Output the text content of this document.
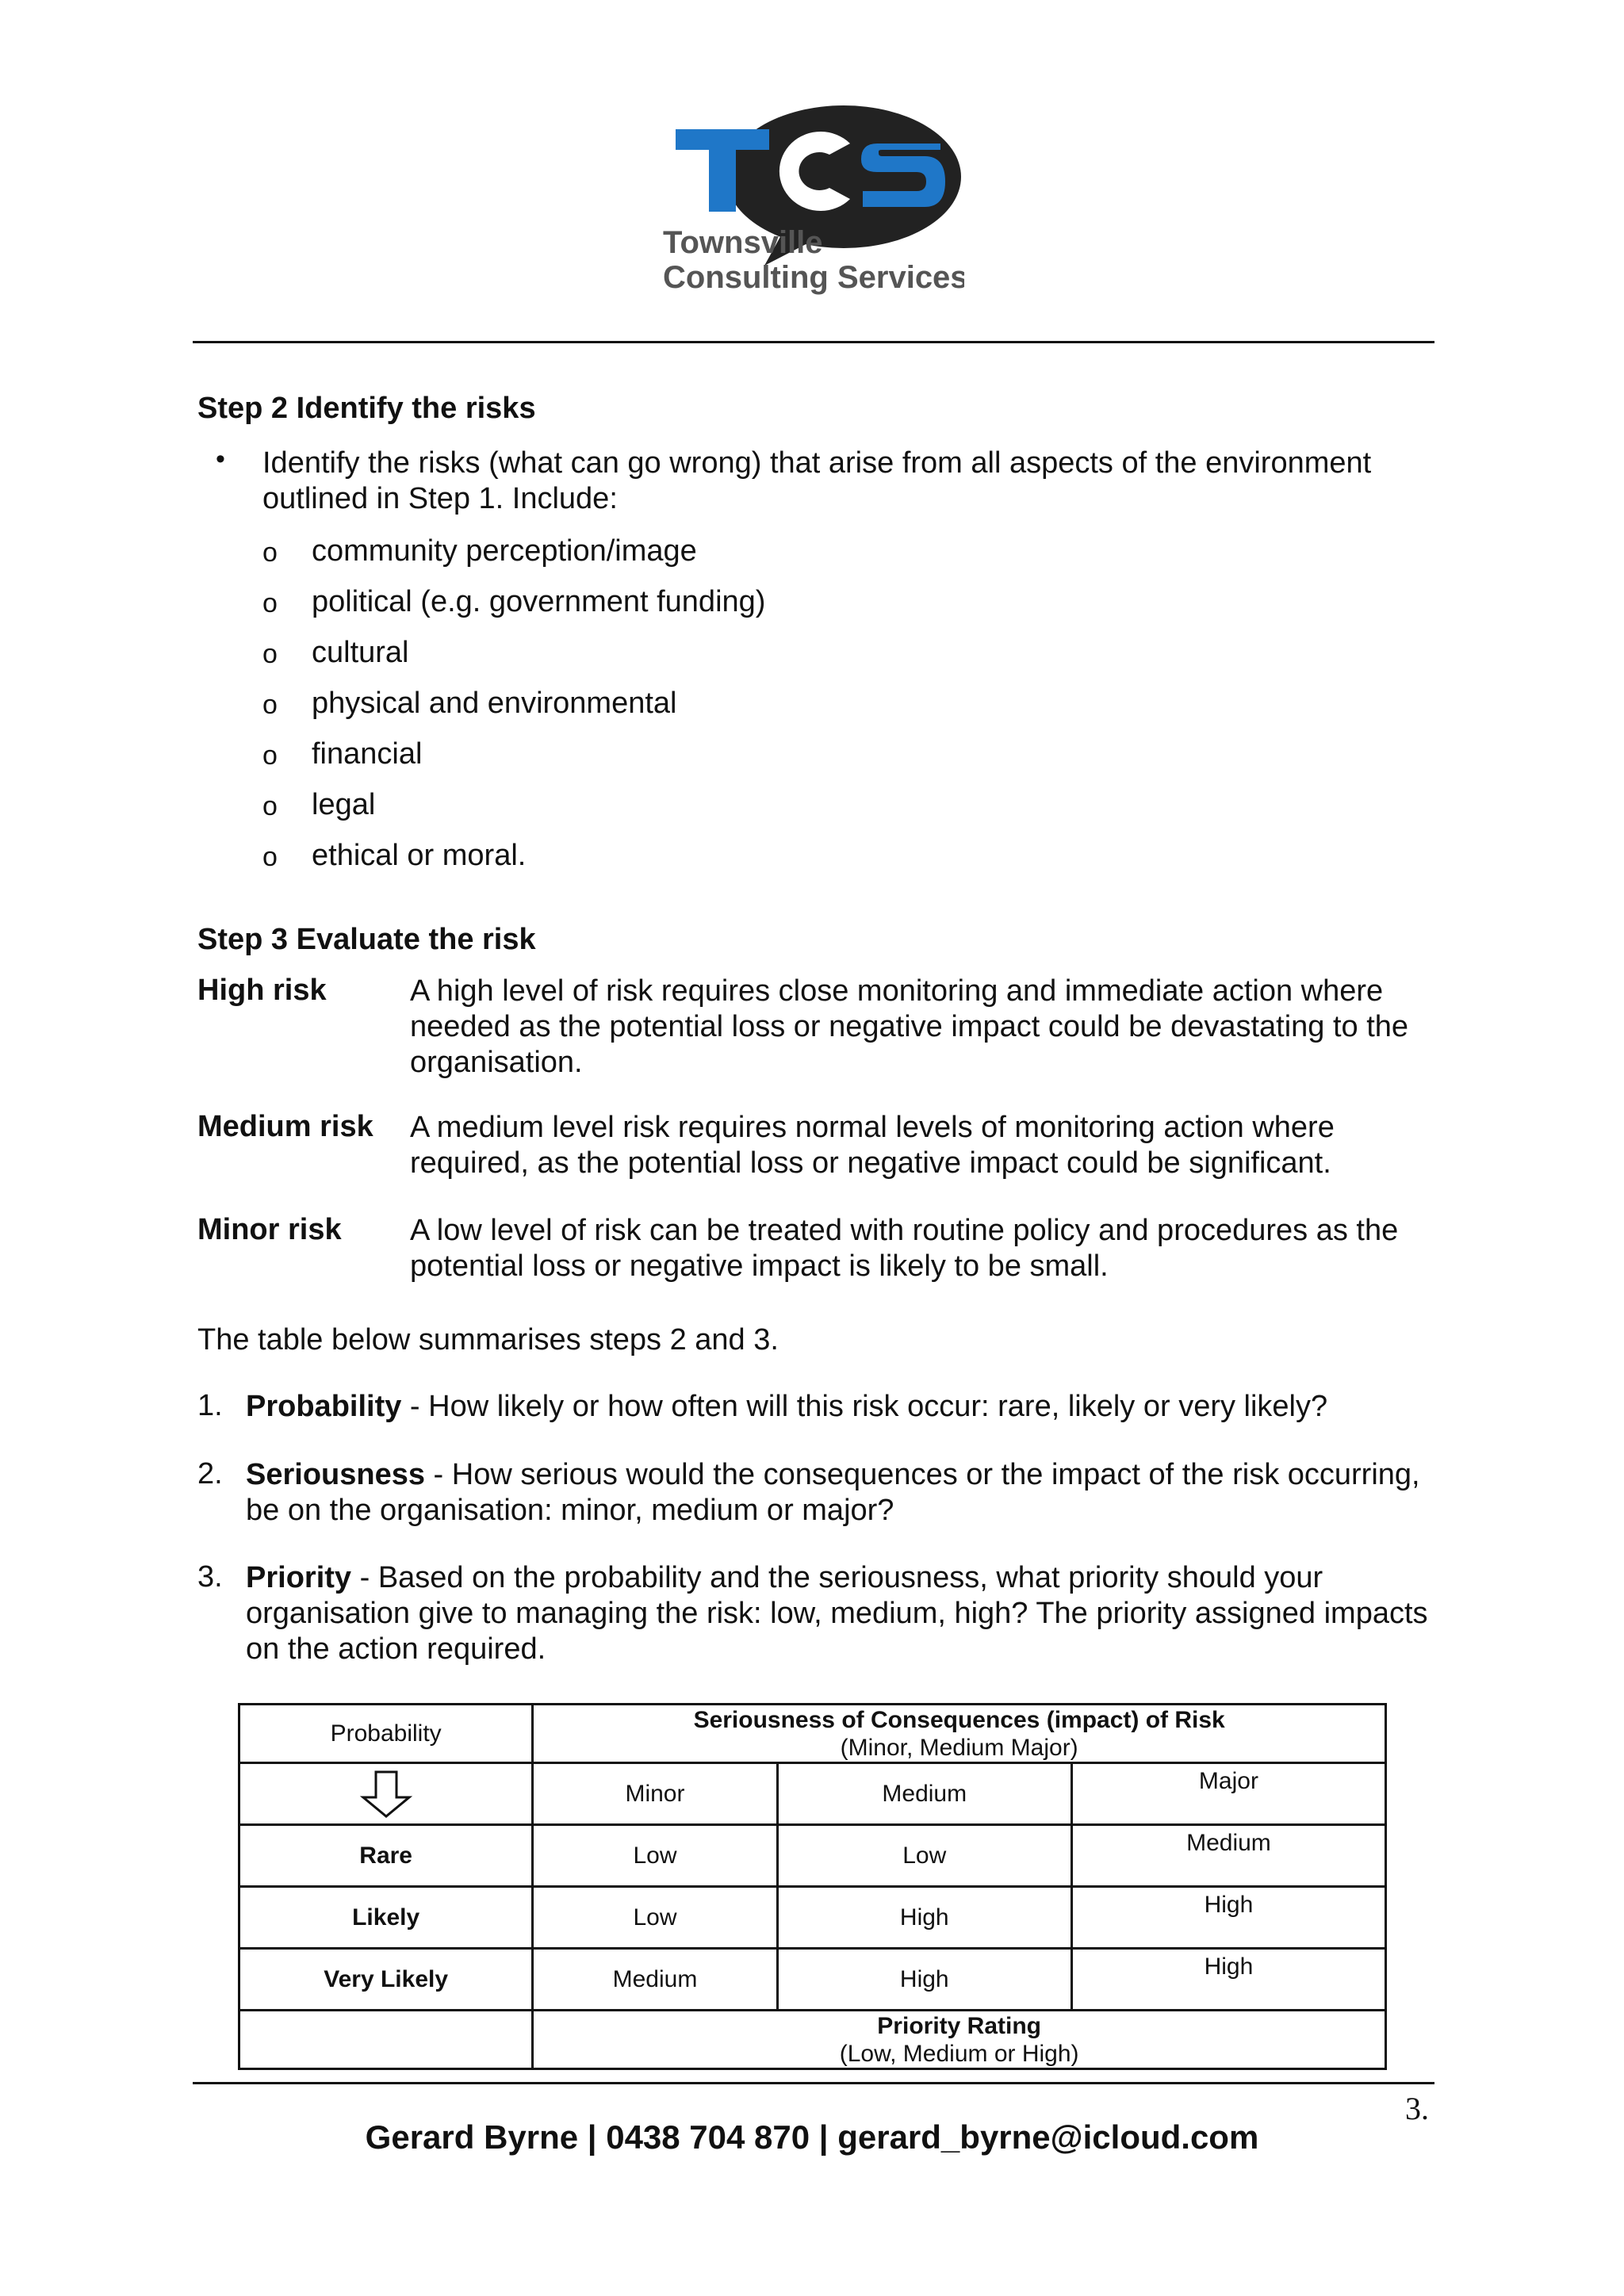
Townsville
Consulting Services
Step 2 Identify the risks
• Identify the risks (what can go wrong) that arise from all aspects of the environment
outlined in Step 1. Include:
o community perception/image
o political (e.g. government funding)
o cultural
o physical and environmental
o financial
o legal
o ethical or moral.
Step 3 Evaluate the risk
High risk	A high level of risk requires close monitoring and immediate action where
needed as the potential loss or negative impact could be devastating to the
organisation.
Medium risk A medium level risk requires normal levels of monitoring action where
required, as the potential loss or negative impact could be significant.
Minor risk A low level of risk can be treated with routine policy and procedures as the
potential loss or negative impact is likely to be small.
The table below summarises steps 2 and 3.
1. Probability - How likely or how often will this risk occur: rare, likely or very likely?
2. Seriousness - How serious would the consequences or the impact of the risk occurring,
be on the organisation: minor, medium or major?
3. Priority - Based on the probability and the seriousness, what priority should your
organisation give to managing the risk: low, medium, high? The priority assigned impacts
on the action required.
Probability	Seriousness of Consequences (impact) of Risk
(Minor, Medium Major)		

	Minor	Medium	Major
Rare	Low	Low	Medium
Likely	Low	High	High
Very Likely	Medium	High	High

	Priority Rating
(Low, Medium or High)		
3.
Gerard Byrne | 0438 704 870 | gerard_byrne@icloud.com
